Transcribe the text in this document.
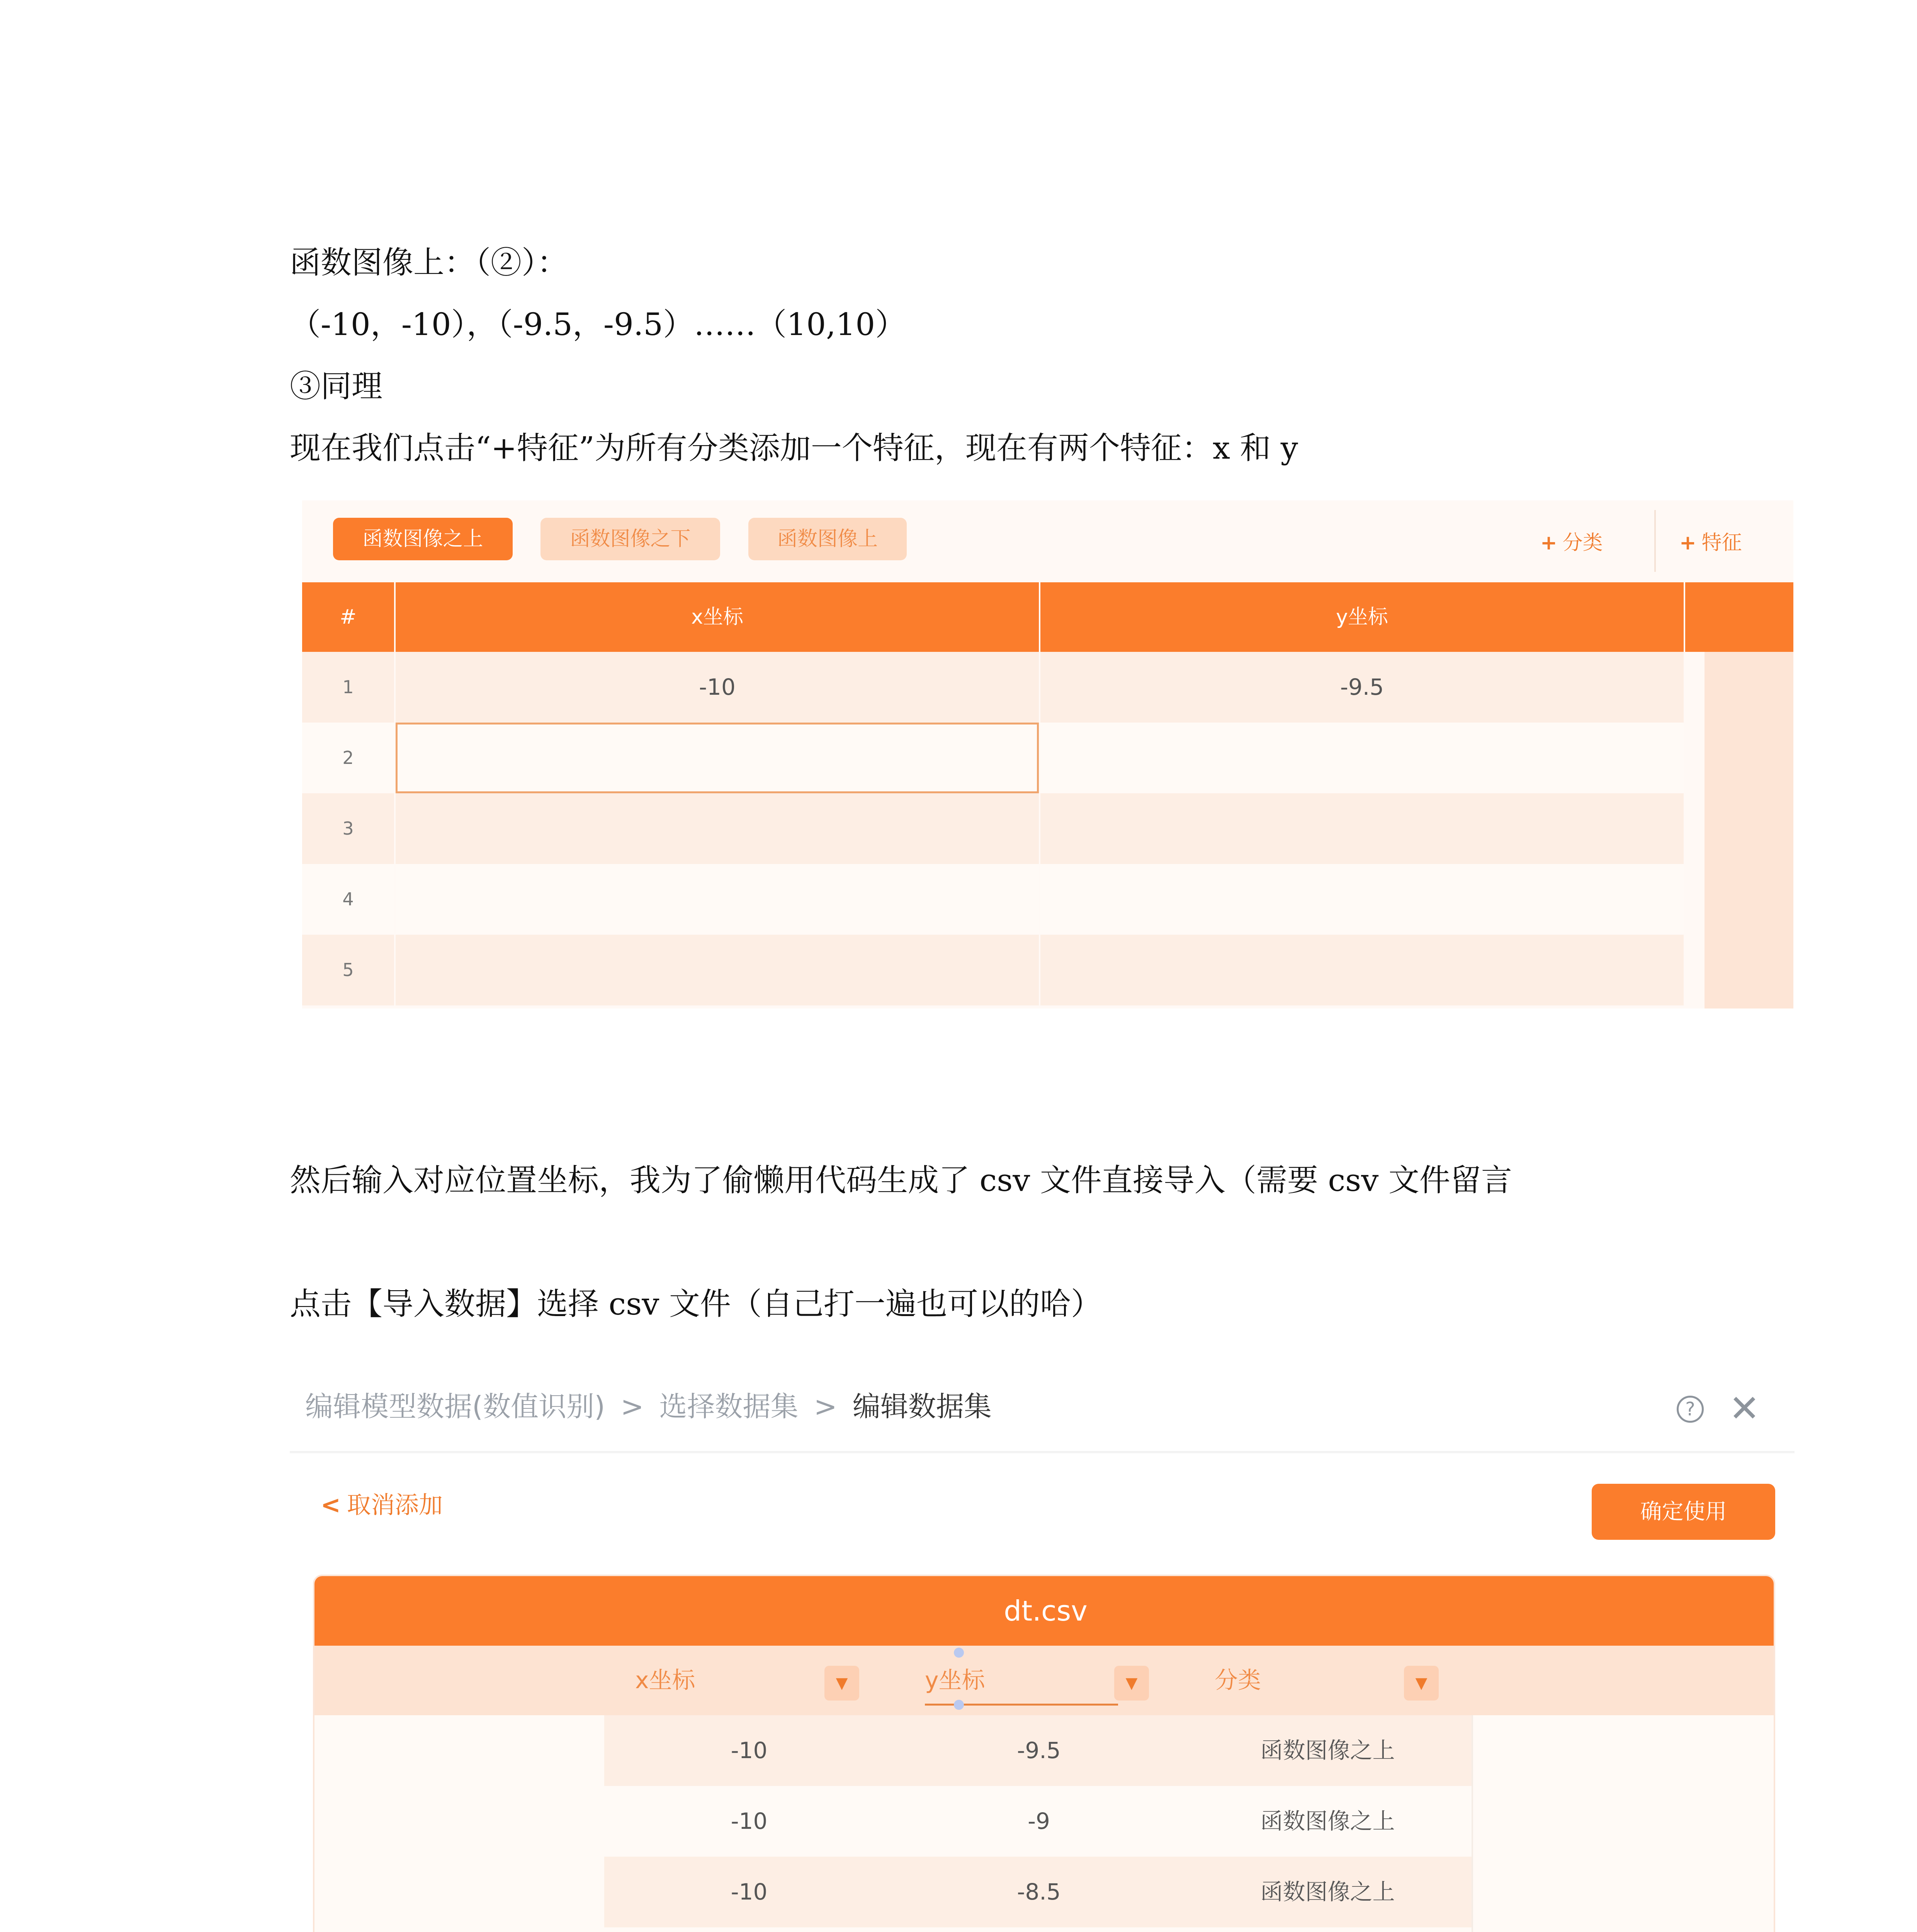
函数图像上：（②）：
（-10，-10），（-9.5，-9.5）……（10,10）
③同理
现在我们点击“+特征”为所有分类添加一个特征，现在有两个特征：x 和 y
函数图像之上	函数图像之下	函数图像上	+ 分类	+ 特征
#	x坐标	y坐标
1	-10	-9.5
2
3
4
5
然后输入对应位置坐标，我为了偷懒用代码生成了 csv 文件直接导入（需要 csv 文件留言
点击【导入数据】选择 csv 文件（自己打一遍也可以的哈）
编辑模型数据(数值识别) > 选择数据集 > 编辑数据集	? ✕
< 取消添加	确定使用
dt.csv
x坐标	▼	y坐标	▼	分类	▼
-10	-9.5	函数图像之上
-10	-9	函数图像之上
-10	-8.5	函数图像之上
